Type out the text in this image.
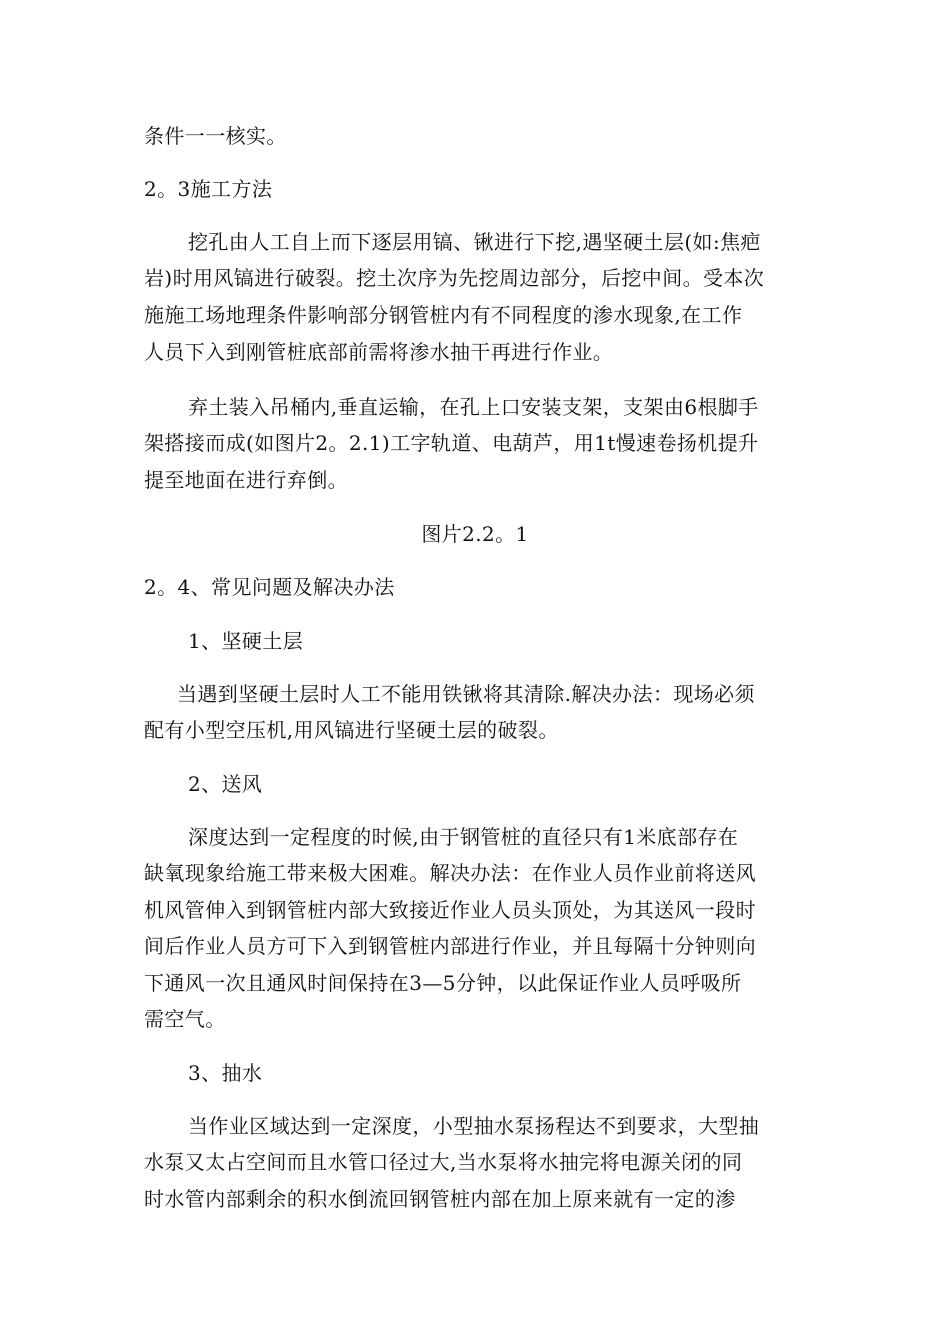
条件一一核实。
2。3施工方法
挖孔由人工自上而下逐层用镐、锹进行下挖,遇坚硬土层(如:焦疤
岩)时用风镐进行破裂。挖土次序为先挖周边部分，后挖中间。受本次
施施工场地理条件影响部分钢管桩内有不同程度的渗水现象,在工作
人员下入到刚管桩底部前需将渗水抽干再进行作业。
弃土装入吊桶内,垂直运输，在孔上口安装支架，支架由6根脚手
架搭接而成(如图片2。2.1)工字轨道、电葫芦，用1t慢速卷扬机提升
提至地面在进行弃倒。
图片2.2。1
2。4、常见问题及解决办法
1、坚硬土层
当遇到坚硬土层时人工不能用铁锹将其清除.解决办法：现场必须
配有小型空压机,用风镐进行坚硬土层的破裂。
2、送风
深度达到一定程度的时候,由于钢管桩的直径只有1米底部存在
缺氧现象给施工带来极大困难。解决办法：在作业人员作业前将送风
机风管伸入到钢管桩内部大致接近作业人员头顶处，为其送风一段时
间后作业人员方可下入到钢管桩内部进行作业，并且每隔十分钟则向
下通风一次且通风时间保持在3—5分钟，以此保证作业人员呼吸所
需空气。
3、抽水
当作业区域达到一定深度，小型抽水泵扬程达不到要求，大型抽
水泵又太占空间而且水管口径过大,当水泵将水抽完将电源关闭的同
时水管内部剩余的积水倒流回钢管桩内部在加上原来就有一定的渗
